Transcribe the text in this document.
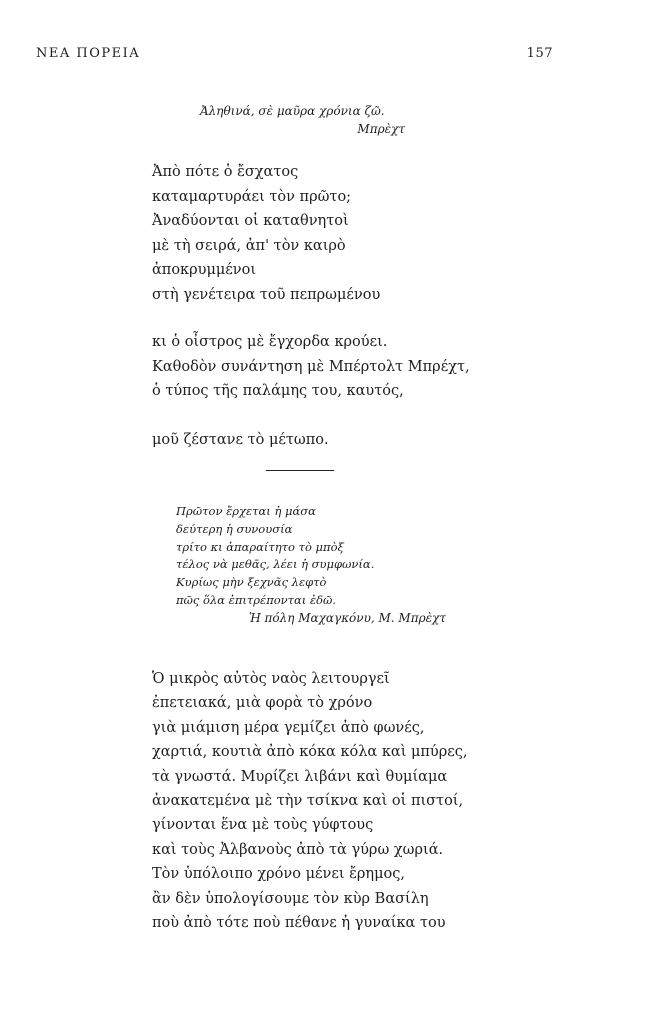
ΝΕΑ ΠΟΡΕΙΑ	157
Ἀληθινά, σὲ μαῦρα χρόνια ζῶ.
Μπρὲχτ
Ἀπὸ πότε ὁ ἔσχατος
καταμαρτυράει τὸν πρῶτο;
Ἀναδύονται οἱ καταθνητοὶ
μὲ τὴ σειρά, ἀπ' τὸν καιρὸ
ἀποκρυμμένοι
στὴ γενέτειρα τοῦ πεπρωμένου
κι ὁ οἶστρος μὲ ἔγχορδα κρούει.
Καθοδὸν συνάντηση μὲ Μπέρτολτ Μπρέχτ,
ὁ τύπος τῆς παλάμης του, καυτός,
μοῦ ζέστανε τὸ μέτωπο.
Πρῶτον ἔρχεται ἡ μάσα
δεύτερη ἡ συνουσία
τρίτο κι ἀπαραίτητο τὸ μπὸξ
τέλος νὰ μεθᾶς, λέει ἡ συμφωνία.
Κυρίως μὴν ξεχνᾶς λεφτὸ
πῶς ὅλα ἐπιτρέπονται ἐδῶ.
Ἡ πόλη Μαχαγκόνυ, Μ. Μπρὲχτ
Ὁ μικρὸς αὐτὸς ναὸς λειτουργεῖ
ἐπετειακά, μιὰ φορὰ τὸ χρόνο
γιὰ μιάμιση μέρα γεμίζει ἀπὸ φωνές,
χαρτιά, κουτιὰ ἀπὸ κόκα κόλα καὶ μπύρες,
τὰ γνωστά. Μυρίζει λιβάνι καὶ θυμίαμα
ἀνακατεμένα μὲ τὴν τσίκνα καὶ οἱ πιστοί,
γίνονται ἕνα μὲ τοὺς γύφτους
καὶ τοὺς Ἀλβανοὺς ἀπὸ τὰ γύρω χωριά.
Τὸν ὑπόλοιπο χρόνο μένει ἔρημος,
ἂν δὲν ὑπολογίσουμε τὸν κὺρ Βασίλη
ποὺ ἀπὸ τότε ποὺ πέθανε ἡ γυναίκα του
